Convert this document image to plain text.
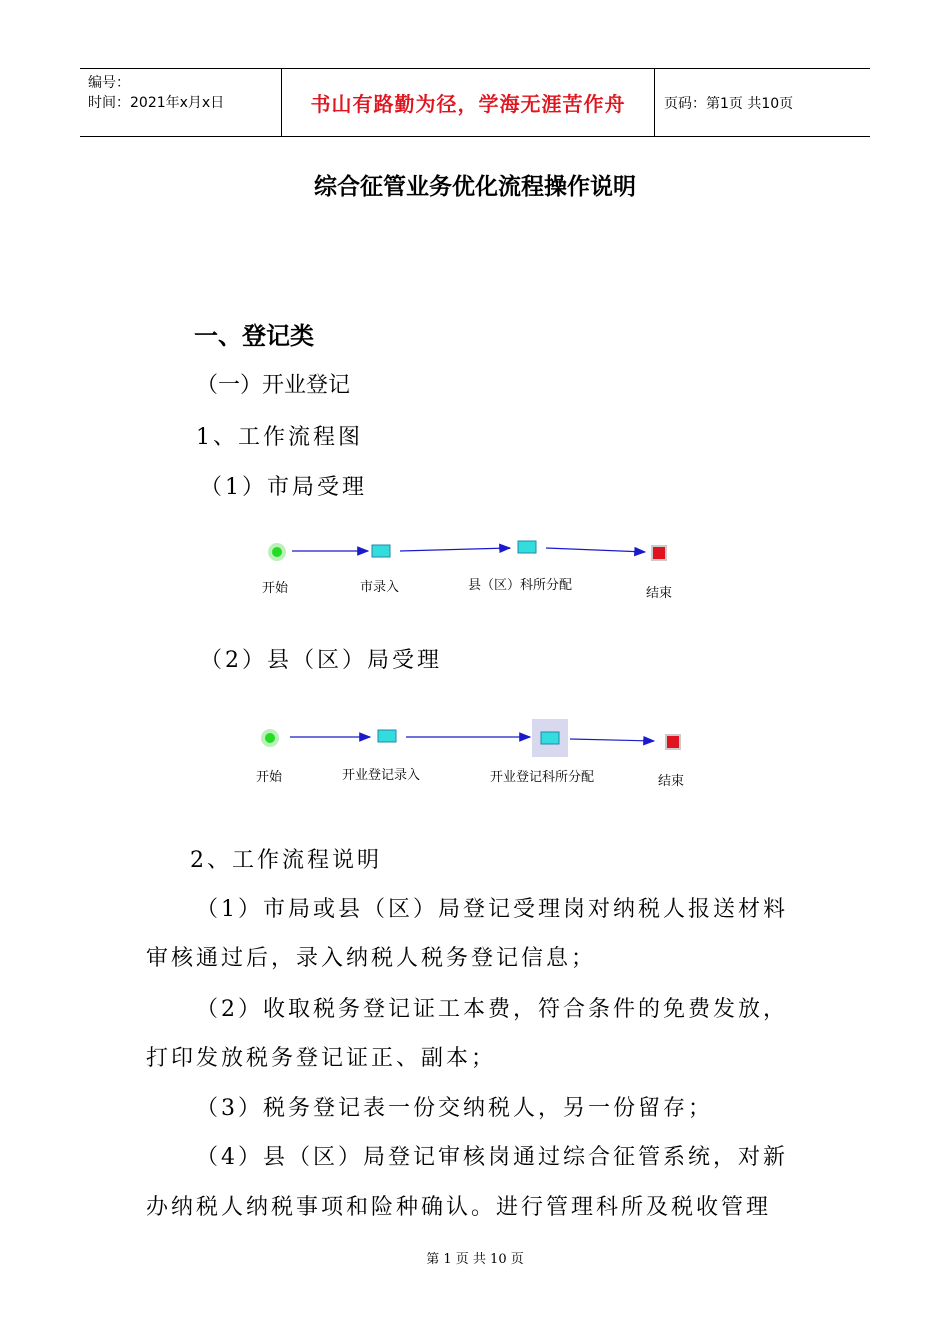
编号：
时间：2021年x月x日	书山有路勤为径，学海无涯苦作舟	页码：第1页 共10页
综合征管业务优化流程操作说明
一、登记类
（一）开业登记
1、工作流程图
（1）市局受理
开始	市录入	县（区）科所分配
结束
（2）县（区）局受理
开始	开业登记录入	开业登记科所分配	结束
2、工作流程说明
（1）市局或县（区）局登记受理岗对纳税人报送材料
审核通过后，录入纳税人税务登记信息；
（2）收取税务登记证工本费，符合条件的免费发放，
打印发放税务登记证正、副本；
（3）税务登记表一份交纳税人，另一份留存；
（4）县（区）局登记审核岗通过综合征管系统，对新
办纳税人纳税事项和险种确认。进行管理科所及税收管理
第 1 页 共 10 页
